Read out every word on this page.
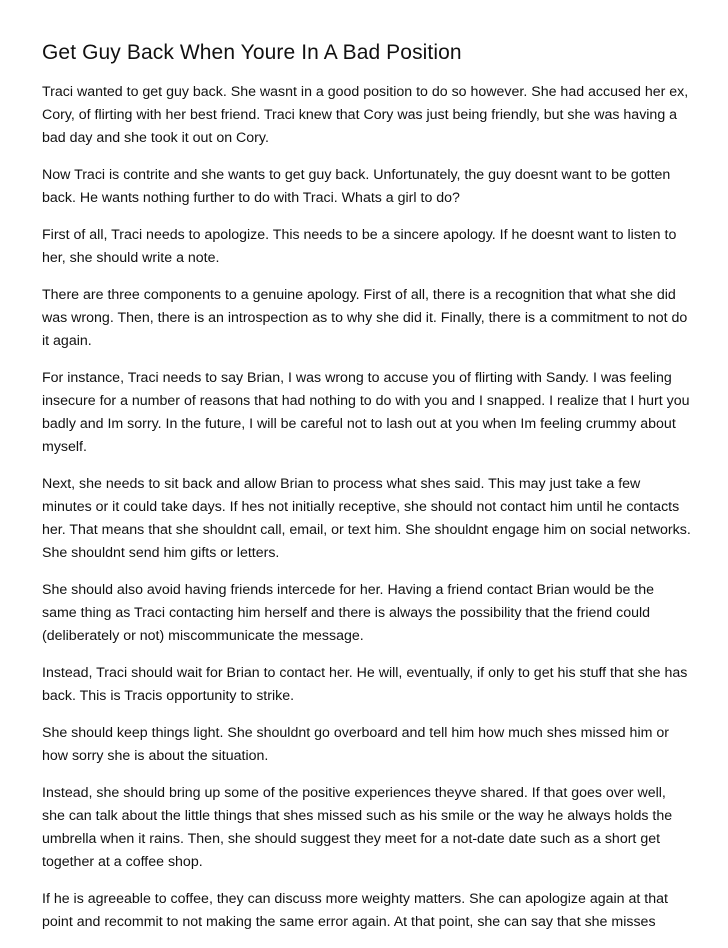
Get Guy Back When Youre In A Bad Position

Traci wanted to get guy back. She wasnt in a good position to do so however. She had accused her ex, Cory, of flirting with her best friend. Traci knew that Cory was just being friendly, but she was having a bad day and she took it out on Cory.

Now Traci is contrite and she wants to get guy back. Unfortunately, the guy doesnt want to be gotten back. He wants nothing further to do with Traci. Whats a girl to do?

First of all, Traci needs to apologize. This needs to be a sincere apology. If he doesnt want to listen to her, she should write a note.

There are three components to a genuine apology. First of all, there is a recognition that what she did was wrong. Then, there is an introspection as to why she did it. Finally, there is a commitment to not do it again.

For instance, Traci needs to say Brian, I was wrong to accuse you of flirting with Sandy. I was feeling insecure for a number of reasons that had nothing to do with you and I snapped. I realize that I hurt you badly and Im sorry. In the future, I will be careful not to lash out at you when Im feeling crummy about myself.

Next, she needs to sit back and allow Brian to process what shes said. This may just take a few minutes or it could take days. If hes not initially receptive, she should not contact him until he contacts her. That means that she shouldnt call, email, or text him. She shouldnt engage him on social networks. She shouldnt send him gifts or letters.

She should also avoid having friends intercede for her. Having a friend contact Brian would be the same thing as Traci contacting him herself and there is always the possibility that the friend could (deliberately or not) miscommunicate the message.

Instead, Traci should wait for Brian to contact her. He will, eventually, if only to get his stuff that she has back. This is Tracis opportunity to strike.

She should keep things light. She shouldnt go overboard and tell him how much shes missed him or how sorry she is about the situation.

Instead, she should bring up some of the positive experiences theyve shared. If that goes over well, she can talk about the little things that shes missed such as his smile or the way he always holds the umbrella when it rains. Then, she should suggest they meet for a not-date date such as a short get together at a coffee shop.

If he is agreeable to coffee, they can discuss more weighty matters. She can apologize again at that point and recommit to not making the same error again. At that point, she can say that she misses
